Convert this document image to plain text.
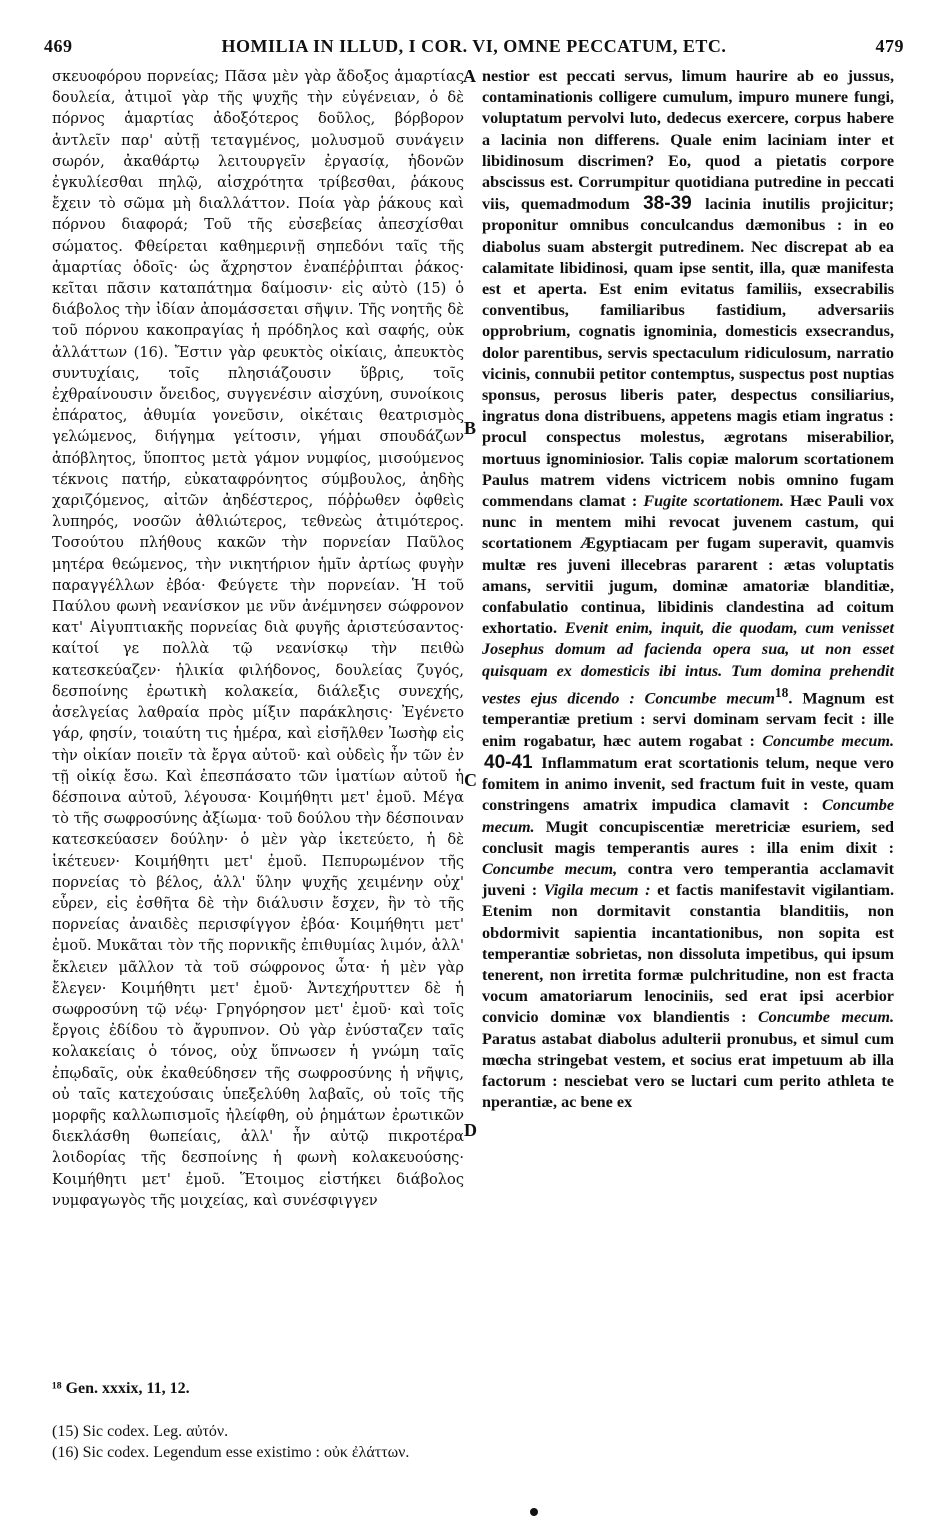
469	HOMILIA IN ILLUD, I COR. VI, OMNE PECCATUM, ETC.	479

σκευοφόρου πορνείας; Πᾶσα μὲν γὰρ ἄδοξος ἁμαρτίας δουλεία, ἀτιμοῖ γὰρ τῆς ψυχῆς τὴν εὐγένειαν, ὁ δὲ πόρνος ἁμαρτίας ἀδοξότερος δοῦλος, βόρβορον ἀντλεῖν παρ' αὐτῇ τεταγμένος, μολυσμοῦ συνάγειν σωρόν, ἀκαθάρτῳ λειτουργεῖν ἐργασίᾳ, ἡδονῶν ἐγκυλίεσθαι πηλῷ, αἰσχρότητα τρίβεσθαι, ῥάκους ἔχειν τὸ σῶμα μὴ διαλλάττον. Ποία γὰρ ῥάκους καὶ πόρνου διαφορά; Τοῦ τῆς εὐσεβείας ἀπεσχίσθαι σώματος. Φθείρεται καθημερινῇ σηπεδόνι ταῖς τῆς ἁμαρτίας ὁδοῖς· ὡς ἄχρηστον ἐναπέῤῥιπται ῥάκος· κεῖται πᾶσιν καταπάτημα δαίμοσιν· εἰς αὐτὸ (15) ὁ διάβολος τὴν ἰδίαν ἀπομάσσεται σῆψιν. Τῆς νοητῆς δὲ τοῦ πόρνου κακοπραγίας ἡ πρόδηλος καὶ σαφής, οὐκ ἀλλάττων (16). Ἔστιν γὰρ φευκτὸς οἰκίαις, ἀπευκτὸς συντυχίαις, τοῖς πλησιάζουσιν ὕβρις, τοῖς ἐχθραίνουσιν ὄνειδος, συγγενέσιν αἰσχύνη, συνοίκοις ἐπάρατος, ἀθυμία γονεῦσιν, οἰκέταις θεατρισμὸς γελώμενος, διήγημα γείτοσιν, γήμαι σπουδάζων ἀπόβλητος, ὕποπτος μετὰ γάμον νυμφίος, μισούμενος τέκνοις πατήρ, εὐκαταφρόνητος σύμβουλος, ἀηδὴς χαριζόμενος, αἰτῶν ἀηδέστερος, πόῤῥωθεν ὀφθεὶς λυπηρός, νοσῶν ἀθλιώτερος, τεθνεὼς ἀτιμότερος. Τοσούτου πλήθους κακῶν τὴν πορνείαν Παῦλος μητέρα θεώμενος, τὴν νικητήριον ἡμῖν ἀρτίως φυγὴν παραγγέλλων ἐβόα· Φεύγετε τὴν πορνείαν. Ἡ τοῦ Παύλου φωνὴ νεανίσκον με νῦν ἀνέμνησεν σώφρονον κατ' Αἰγυπτιακῆς πορνείας διὰ φυγῆς ἀριστεύσαντος· καίτοί γε πολλὰ τῷ νεανίσκῳ τὴν πειθὼ κατεσκεύαζεν· ἡλικία φιλήδονος, δουλείας ζυγός, δεσποίνης ἐρωτικὴ κολακεία, διάλεξις συνεχής, ἀσελγείας λαθραία πρὸς μίξιν παράκλησις· Ἐγένετο γάρ, φησίν, τοιαύτη τις ἡμέρα, καὶ εἰσῆλθεν Ἰωσὴφ εἰς τὴν οἰκίαν ποιεῖν τὰ ἔργα αὐτοῦ· καὶ οὐδεὶς ἦν τῶν ἐν τῇ οἰκίᾳ ἔσω. Καὶ ἐπεσπάσατο τῶν ἱματίων αὐτοῦ ἡ δέσποινα αὐτοῦ, λέγουσα· Κοιμήθητι μετ' ἐμοῦ. Μέγα τὸ τῆς σωφροσύνης ἀξίωμα· τοῦ δούλου τὴν δέσποιναν κατεσκεύασεν δούλην· ὁ μὲν γὰρ ἱκετεύετο, ἡ δὲ ἱκέτευεν· Κοιμήθητι μετ' ἐμοῦ. Πεπυρωμένον τῆς πορνείας τὸ βέλος, ἀλλ' ὕλην ψυχῆς χειμένην οὐχ' εὗρεν, εἰς ἐσθῆτα δὲ τὴν διάλυσιν ἔσχεν, ἣν τὸ τῆς πορνείας ἀναιδὲς περισφίγγον ἐβόα· Κοιμήθητι μετ' ἐμοῦ. Μυκᾶται τὸν τῆς πορνικῆς ἐπιθυμίας λιμόν, ἀλλ' ἔκλειεν μᾶλλον τὰ τοῦ σώφρονος ὦτα· ἡ μὲν γὰρ ἔλεγεν· Κοιμήθητι μετ' ἐμοῦ· Ἀντεχήρυττεν δὲ ἡ σωφροσύνη τῷ νέῳ· Γρηγόρησον μετ' ἐμοῦ· καὶ τοῖς ἔργοις ἐδίδου τὸ ἄγρυπνον. Οὐ γὰρ ἐνύσταζεν ταῖς κολακείαις ὁ τόνος, οὐχ ὕπνωσεν ἡ γνώμη ταῖς ἐπῳδαῖς, οὐκ ἐκαθεύδησεν τῆς σωφροσύνης ἡ νῆψις, οὐ ταῖς κατεχούσαις ὑπεξελύθη λαβαῖς, οὐ τοῖς τῆς μορφῆς καλλωπισμοῖς ἠλείφθη, οὐ ῥημάτων ἐρωτικῶν διεκλάσθη θωπείαις, ἀλλ' ἦν αὐτῷ πικροτέρα λοιδορίας τῆς δεσποίνης ἡ φωνὴ κολακευούσης· Κοιμήθητι μετ' ἐμοῦ. Ἕτοιμος εἱστήκει διάβολος νυμφαγωγὸς τῆς μοιχείας, καὶ συνέσφιγγεν

A
B
C
D

nestior est peccati servus, limum haurire ab eo jussus, contaminationis colligere cumulum, impuro munere fungi, voluptatum pervolvi luto, dedecus exercere, corpus habere a lacinia non differens. Quale enim laciniam inter et libidinosum discrimen? Eo, quod a pietatis corpore abscissus est. Corrumpitur quotidiana putredine in peccati viis, quemadmodum 38-39 lacinia inutilis projicitur; proponitur omnibus conculcandus dæmonibus : in eo diabolus suam abstergit putredinem. Nec discrepat ab ea calamitate libidinosi, quam ipse sentit, illa, quæ manifesta est et aperta. Est enim evitatus familiis, exsecrabilis conventibus, familiaribus fastidium, adversariis opprobrium, cognatis ignominia, domesticis exsecrandus, dolor parentibus, servis spectaculum ridiculosum, narratio vicinis, connubii petitor contemptus, suspectus post nuptias sponsus, perosus liberis pater, despectus consiliarius, ingratus dona distribuens, appetens magis etiam ingratus : procul conspectus molestus, ægrotans miserabilior, mortuus ignominiosior. Talis copiæ malorum scortationem Paulus matrem videns victricem nobis omnino fugam commendans clamat : Fugite scortationem. Hæc Pauli vox nunc in mentem mihi revocat juvenem castum, qui scortationem Ægyptiacam per fugam superavit, quamvis multæ res juveni illecebras pararent : ætas voluptatis amans, servitii jugum, dominæ amatoriæ blanditiæ, confabulatio continua, libidinis clandestina ad coitum exhortatio. Evenit enim, inquit, die quodam, cum venisset Josephus domum ad facienda opera sua, ut non esset quisquam ex domesticis ibi intus. Tum domina prehendit vestes ejus dicendo : Concumbe mecum$^{18}$. Magnum est temperantiæ pretium : servi dominam servam fecit : ille enim rogabatur, hæc autem rogabat : Concumbe mecum. 40-41 Inflammatum erat scortationis telum, neque vero fomitem in animo invenit, sed fractum fuit in veste, quam constringens amatrix impudica clamavit : Concumbe mecum. Mugit concupiscentiæ meretriciæ esuriem, sed conclusit magis temperantis aures : illa enim dixit : Concumbe mecum, contra vero temperantia acclamavit juveni : Vigila mecum : et factis manifestavit vigilantiam. Etenim non dormitavit constantia blanditiis, non obdormivit sapientia incantationibus, non sopita est temperantiæ sobrietas, non dissoluta impetibus, qui ipsum tenerent, non irretita formæ pulchritudine, non est fracta vocum amatoriarum lenociniis, sed erat ipsi acerbior convicio dominæ vox blandientis : Concumbe mecum. Paratus astabat diabolus adulterii pronubus, et simul cum mœcha stringebat vestem, et socius erat impetuum ab illa factorum : nesciebat vero se luctari cum perito athleta te nperantiæ, ac bene ex

¹⁸ Gen. xxxix, 11, 12.
(15) Sic codex. Leg. αὐτόν.
(16) Sic codex. Legendum esse existimo : οὐκ ἐλάττων.
